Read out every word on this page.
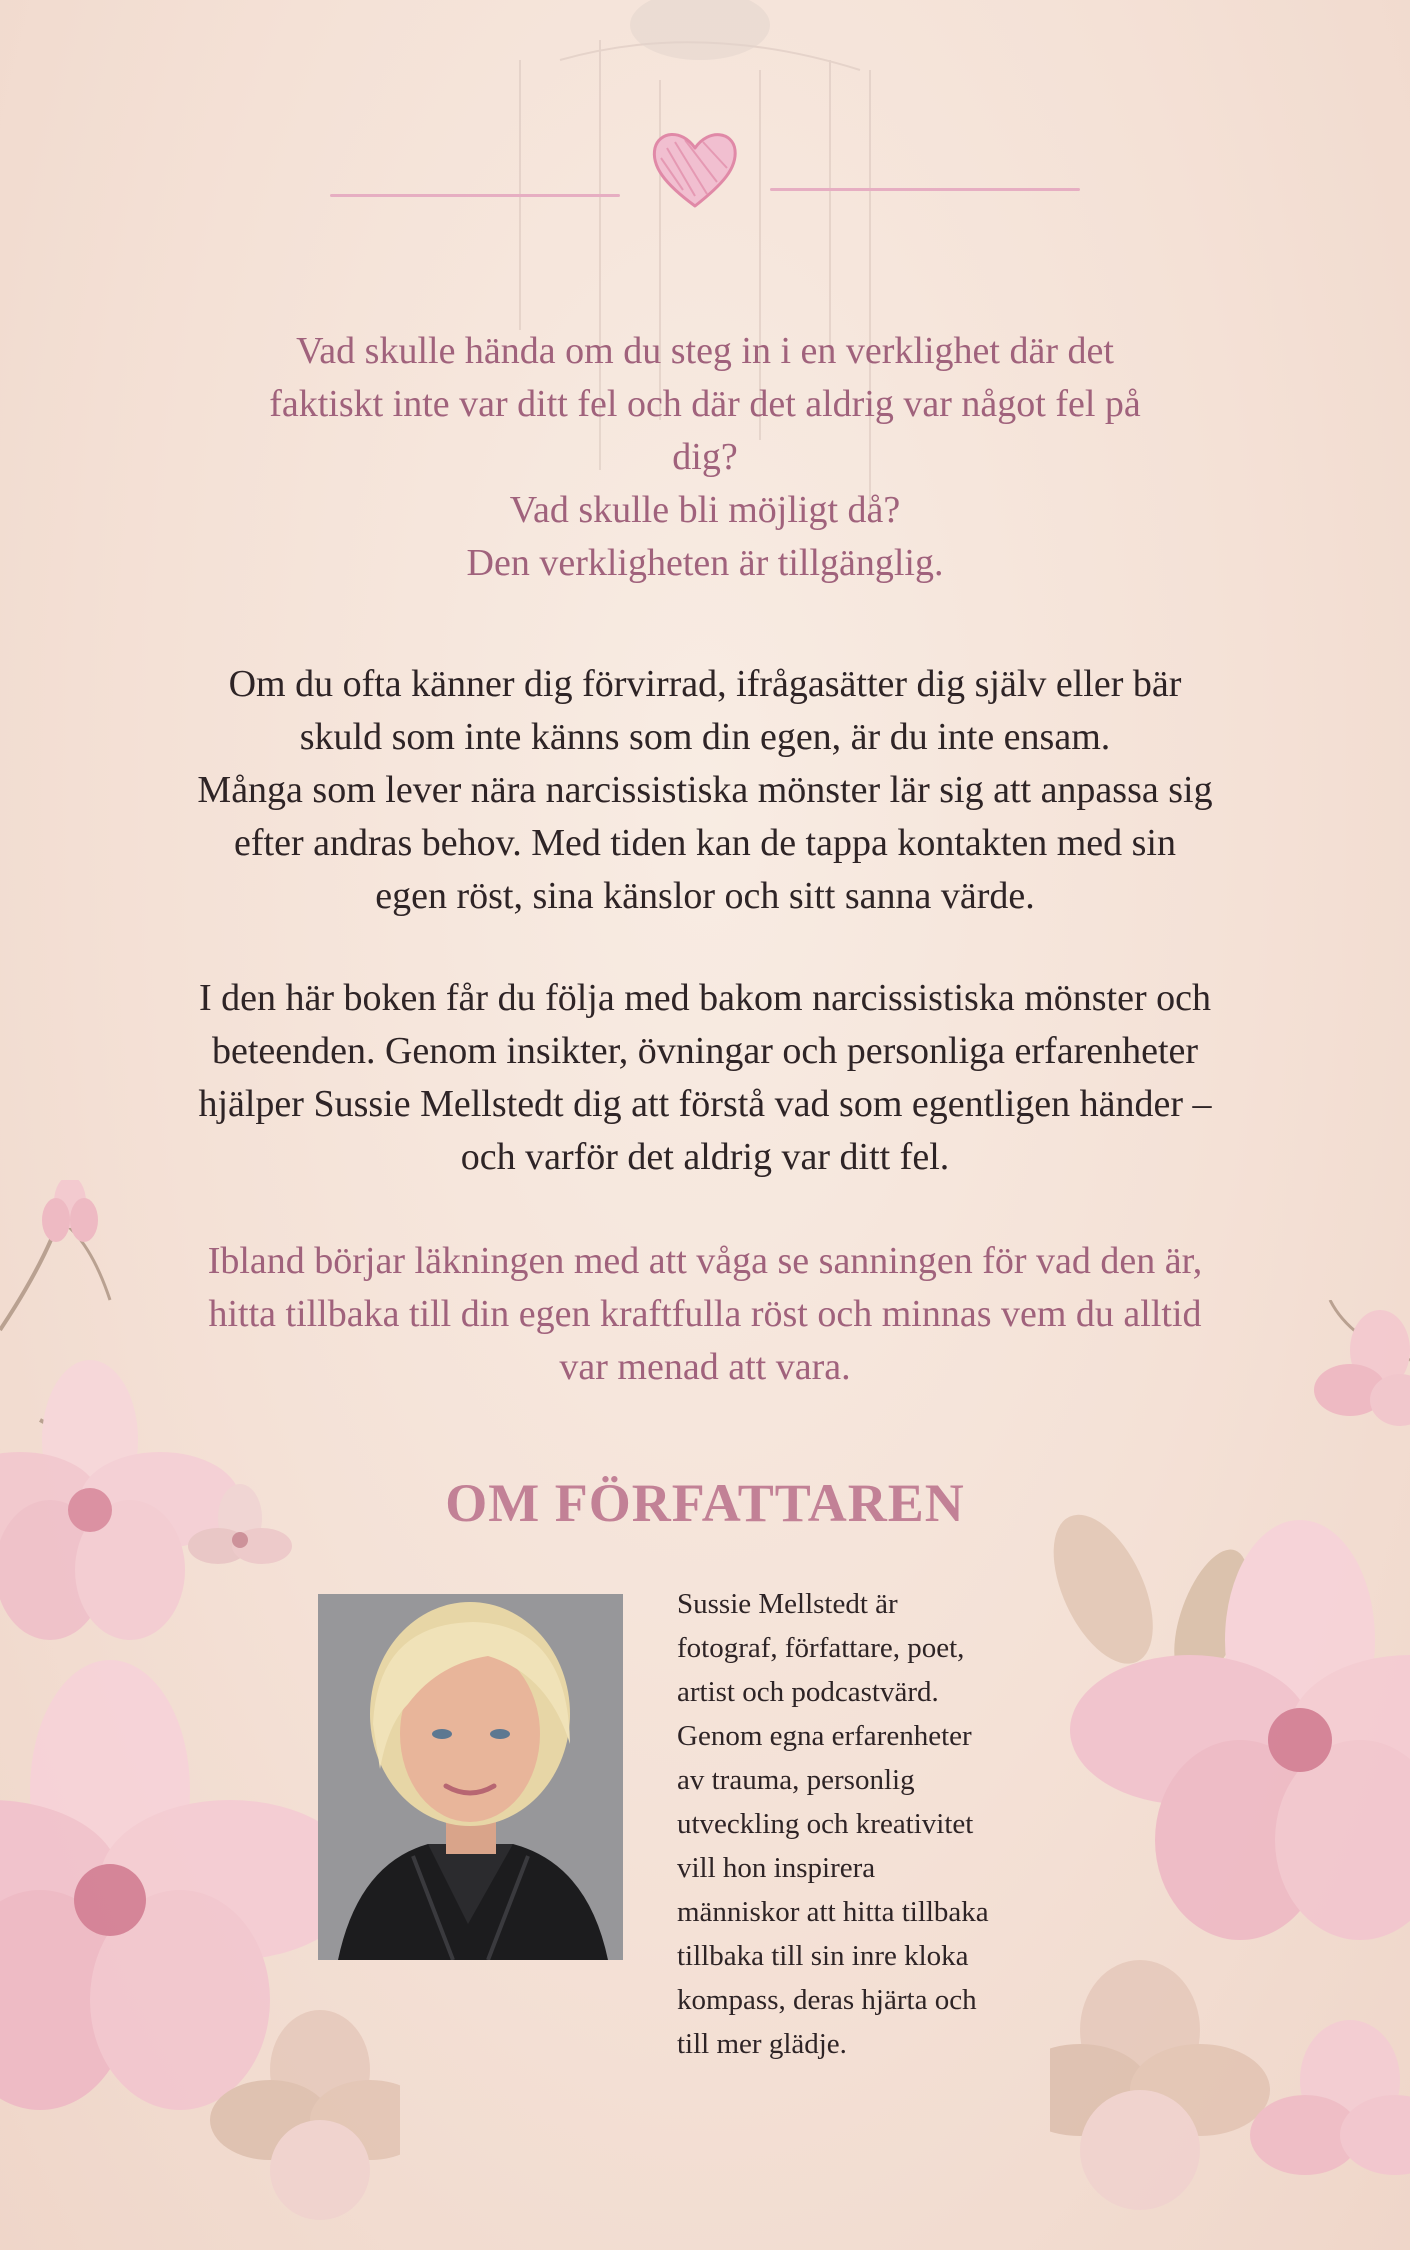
Vad skulle hända om du steg in i en verklighet där det
faktiskt inte var ditt fel och där det aldrig var något fel på
dig?
Vad skulle bli möjligt då?
Den verkligheten är tillgänglig.
Om du ofta känner dig förvirrad, ifrågasätter dig själv eller bär
skuld som inte känns som din egen, är du inte ensam.
Många som lever nära narcissistiska mönster lär sig att anpassa sig
efter andras behov. Med tiden kan de tappa kontakten med sin
egen röst, sina känslor och sitt sanna värde.
I den här boken får du följa med bakom narcissistiska mönster och
beteenden. Genom insikter, övningar och personliga erfarenheter
hjälper Sussie Mellstedt dig att förstå vad som egentligen händer –
och varför det aldrig var ditt fel.
Ibland börjar läkningen med att våga se sanningen för vad den är,
hitta tillbaka till din egen kraftfulla röst och minnas vem du alltid
var menad att vara.
OM FÖRFATTAREN
Sussie Mellstedt är
fotograf, författare, poet,
artist och podcastvärd.
Genom egna erfarenheter
av trauma, personlig
utveckling och kreativitet
vill hon inspirera
människor att hitta tillbaka
tillbaka till sin inre kloka
kompass, deras hjärta och
till mer glädje.
